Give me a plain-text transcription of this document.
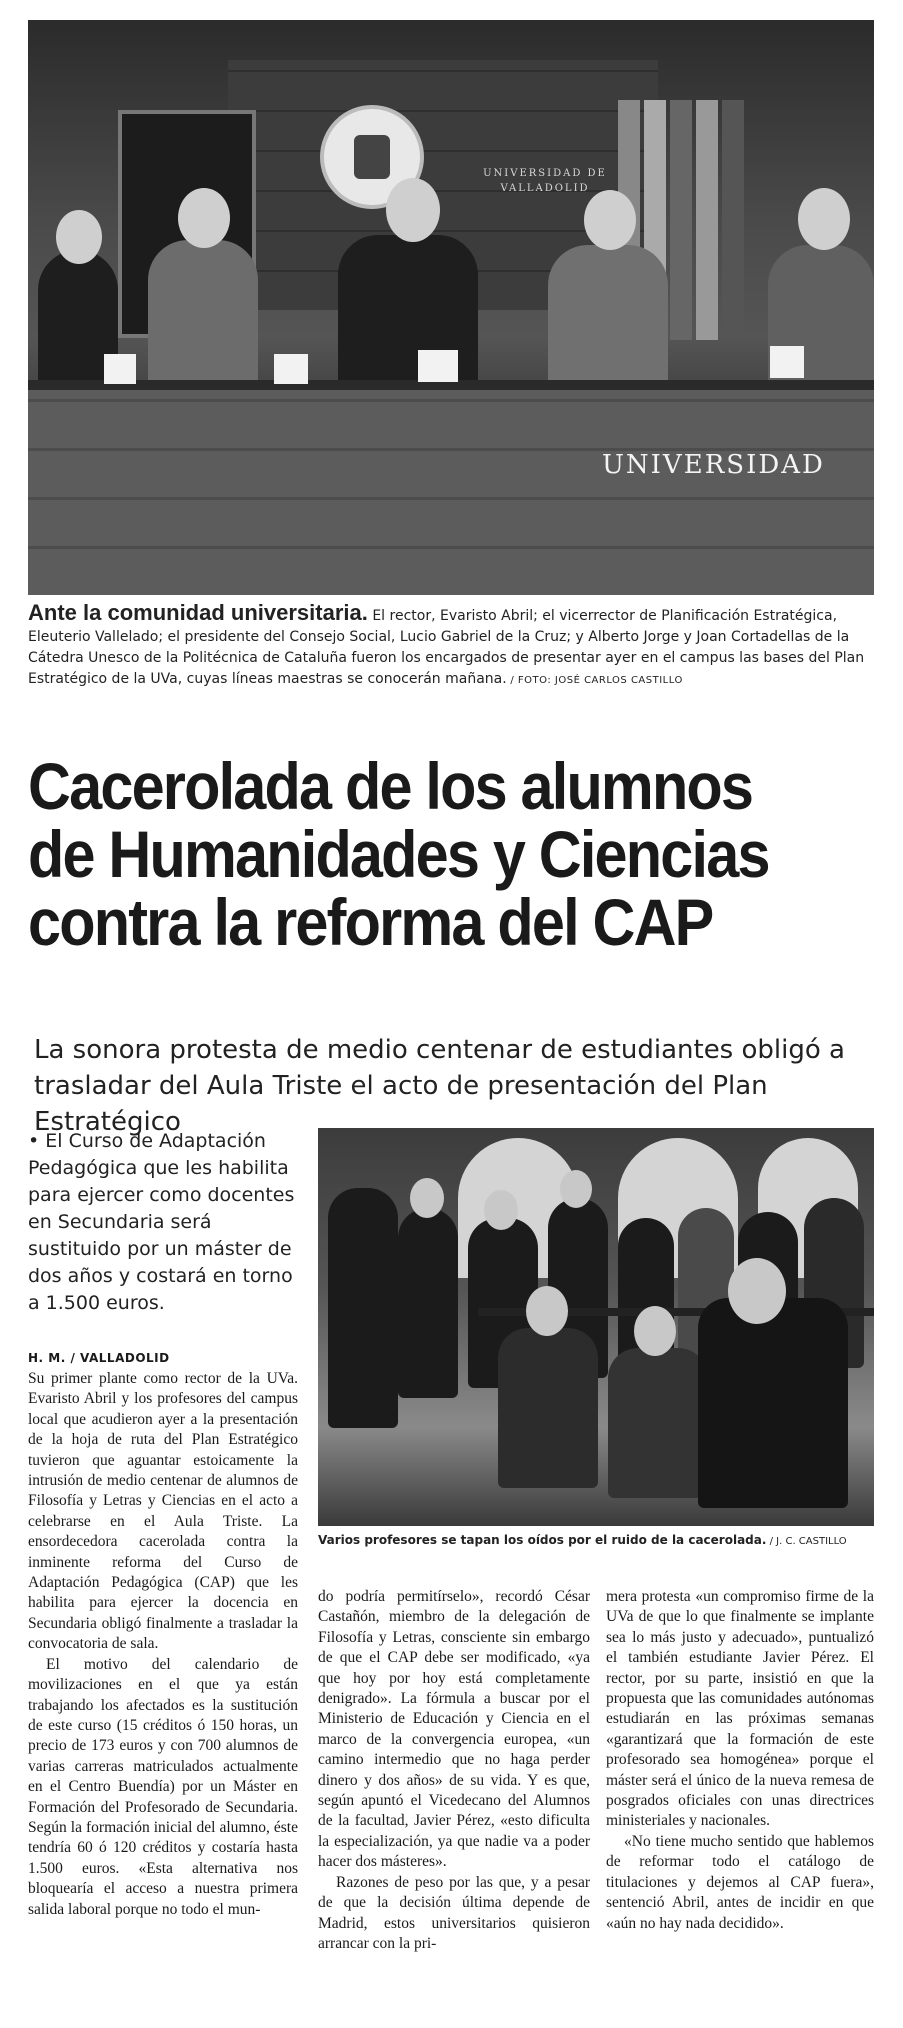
UNIVERSIDAD DE VALLADOLID
UNIVERSIDAD
Ante la comunidad universitaria. El rector, Evaristo Abril; el vicerrector de Planificación Estratégica, Eleuterio Vallelado; el presidente del Consejo Social, Lucio Gabriel de la Cruz; y Alberto Jorge y Joan Cortadellas de la Cátedra Unesco de la Politécnica de Cataluña fueron los encargados de presentar ayer en el campus las bases del Plan Estratégico de la UVa, cuyas líneas maestras se conocerán mañana. / FOTO: JOSÉ CARLOS CASTILLO
Cacerolada de los alumnos
de Humanidades y Ciencias
contra la reforma del CAP
La sonora protesta de medio centenar de estudiantes obligó a trasladar del Aula Triste el acto de presentación del Plan Estratégico
• El Curso de Adaptación Pedagógica que les habilita para ejercer como docentes en Secundaria será sustituido por un máster de dos años y costará en torno a 1.500 euros.
H. M. / VALLADOLID

Su primer plante como rector de la UVa. Evaristo Abril y los profesores del campus local que acudieron ayer a la presentación de la hoja de ruta del Plan Estratégico tuvieron que aguantar estoicamente la intrusión de medio centenar de alumnos de Filosofía y Letras y Ciencias en el acto a celebrarse en el Aula Triste. La ensordecedora cacerolada contra la inminente reforma del Curso de Adaptación Pedagógica (CAP) que les habilita para ejercer la docencia en Secundaria obligó finalmente a trasladar la convocatoria de sala.

El motivo del calendario de movilizaciones en el que ya están trabajando los afectados es la sustitución de este curso (15 créditos ó 150 horas, un precio de 173 euros y con 700 alumnos de varias carreras matriculados actualmente en el Centro Buendía) por un Máster en Formación del Profesorado de Secundaria. Según la formación inicial del alumno, éste tendría 60 ó 120 créditos y costaría hasta 1.500 euros. «Esta alternativa nos bloquearía el acceso a nuestra primera salida laboral porque no todo el mun-

Varios profesores se tapan los oídos por el ruido de la cacerolada. / J. C. CASTILLO

do podría permitírselo», recordó César Castañón, miembro de la delegación de Filosofía y Letras, consciente sin embargo de que el CAP debe ser modificado, «ya que hoy por hoy está completamente denigrado». La fórmula a buscar por el Ministerio de Educación y Ciencia en el marco de la convergencia europea, «un camino intermedio que no haga perder dinero y dos años» de su vida. Y es que, según apuntó el Vicedecano del Alumnos de la facultad, Javier Pérez, «esto dificulta la especialización, ya que nadie va a poder hacer dos másteres».

Razones de peso por las que, y a pesar de que la decisión última depende de Madrid, estos universitarios quisieron arrancar con la pri-

mera protesta «un compromiso firme de la UVa de que lo que finalmente se implante sea lo más justo y adecuado», puntualizó el también estudiante Javier Pérez. El rector, por su parte, insistió en que la propuesta que las comunidades autónomas estudiarán en las próximas semanas «garantizará que la formación de este profesorado sea homogénea» porque el máster será el único de la nueva remesa de posgrados oficiales con unas directrices ministeriales y nacionales.

«No tiene mucho sentido que hablemos de reformar todo el catálogo de titulaciones y dejemos al CAP fuera», sentenció Abril, antes de incidir en que «aún no hay nada decidido».
